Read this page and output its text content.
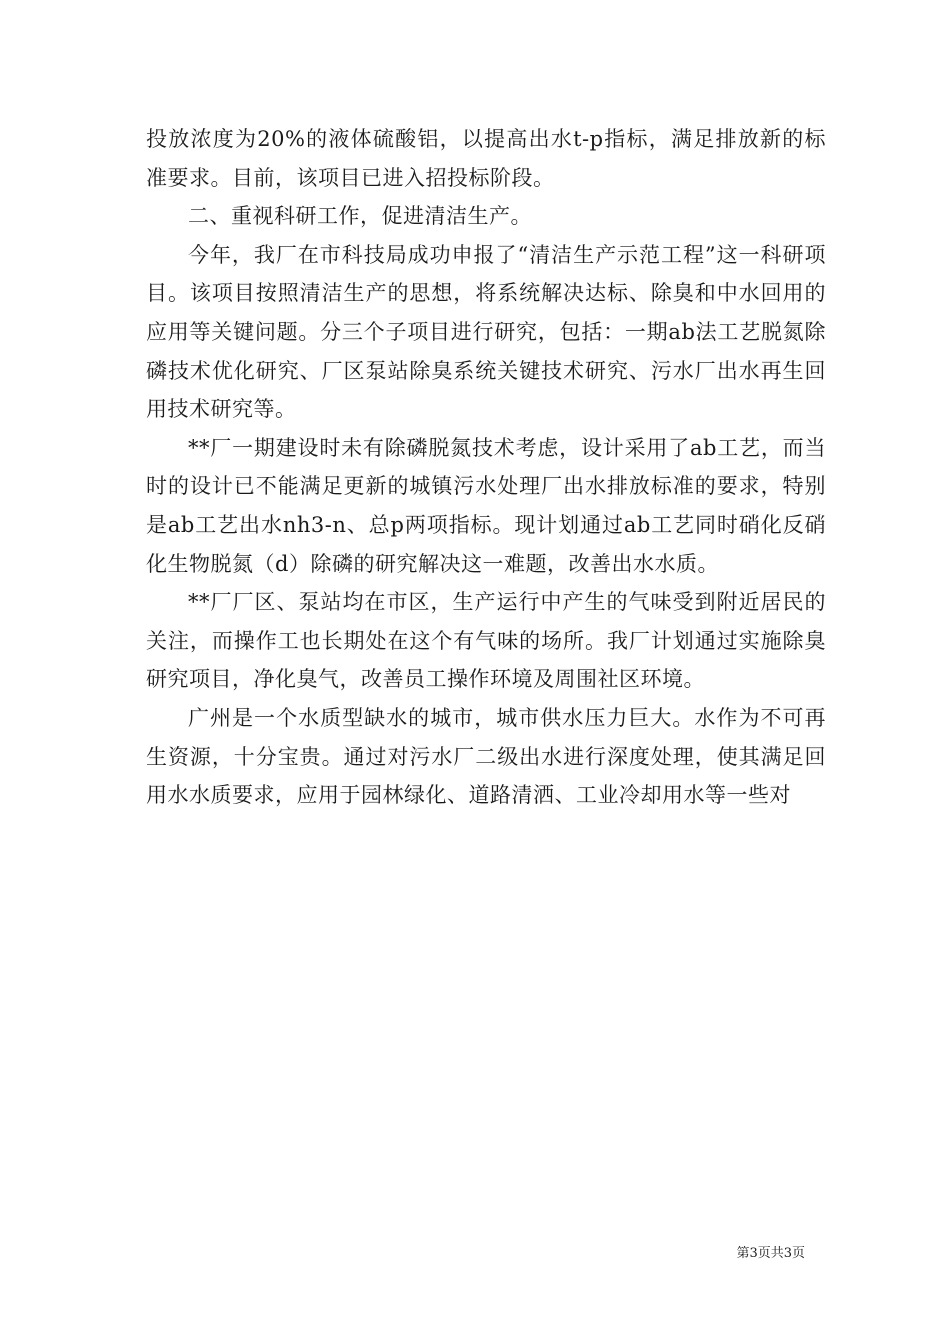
投放浓度为20%的液体硫酸铝，以提高出水t-p指标，满足排放新的标准要求。目前，该项目已进入招投标阶段。

二、重视科研工作，促进清洁生产。

今年，我厂在市科技局成功申报了“清洁生产示范工程”这一科研项目。该项目按照清洁生产的思想，将系统解决达标、除臭和中水回用的应用等关键问题。分三个子项目进行研究，包括：一期ab法工艺脱氮除磷技术优化研究、厂区泵站除臭系统关键技术研究、污水厂出水再生回用技术研究等。

**厂一期建设时未有除磷脱氮技术考虑，设计采用了ab工艺，而当时的设计已不能满足更新的城镇污水处理厂出水排放标准的要求，特别是ab工艺出水nh3-n、总p两项指标。现计划通过ab工艺同时硝化反硝化生物脱氮（d）除磷的研究解决这一难题，改善出水水质。

**厂厂区、泵站均在市区，生产运行中产生的气味受到附近居民的关注，而操作工也长期处在这个有气味的场所。我厂计划通过实施除臭研究项目，净化臭气，改善员工操作环境及周围社区环境。

广州是一个水质型缺水的城市，城市供水压力巨大。水作为不可再生资源，十分宝贵。通过对污水厂二级出水进行深度处理，使其满足回用水水质要求，应用于园林绿化、道路清洒、工业冷却用水等一些对

第3页共3页
